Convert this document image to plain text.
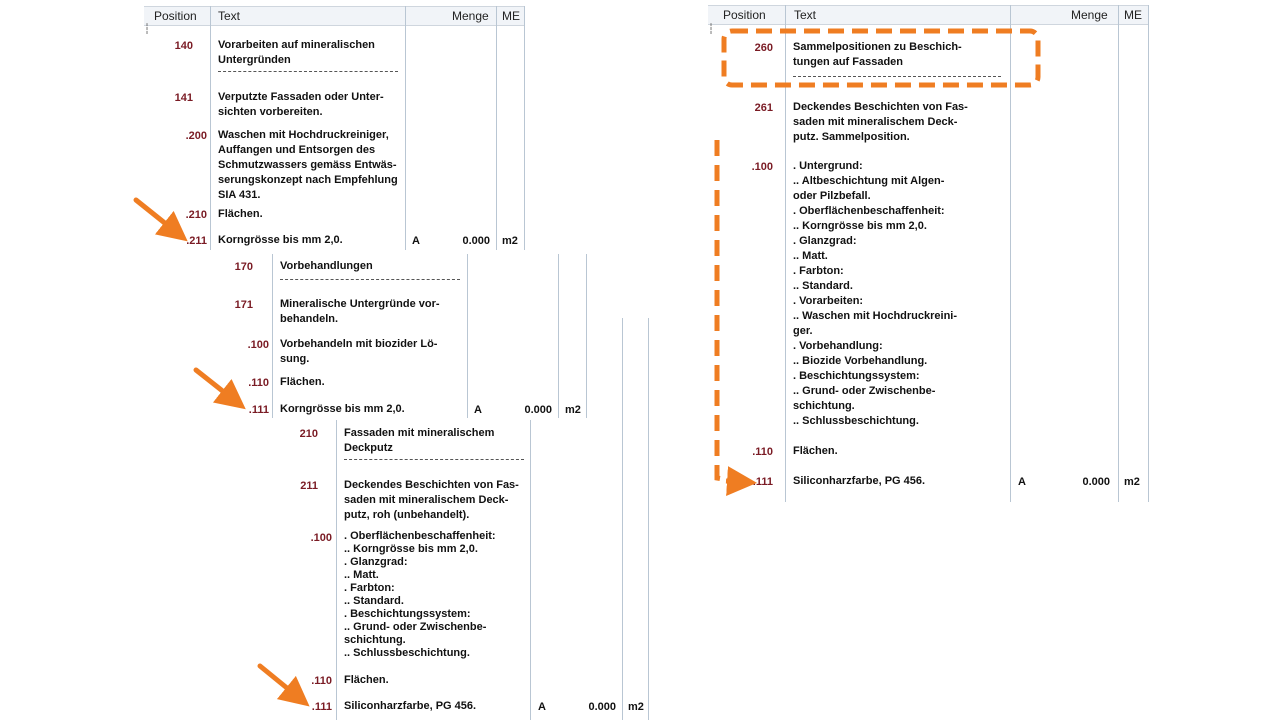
Position Text	Menge ME
┆
140 Vorarbeiten auf mineralischen
Untergründen
141 Verputzte Fassaden oder Unter-
sichten vorbereiten.
.200 Waschen mit Hochdruckreiniger,
Auffangen und Entsorgen des
Schmutzwassers gemäss Entwäs-
serungskonzept nach Empfehlung
SIA 431.
.210 Flächen.
.211 Korngrösse bis mm 2,0.	A	0.000 m2
170 Vorbehandlungen
171 Mineralische Untergründe vor-
behandeln.
.100 Vorbehandeln mit biozider Lö-
sung.
.110 Flächen.
.111 Korngrösse bis mm 2,0.	A	0.000 m2
210 Fassaden mit mineralischem
Deckputz
211 Deckendes Beschichten von Fas-
saden mit mineralischem Deck-
putz, roh (unbehandelt).
.100 . Oberflächenbeschaffenheit:
.. Korngrösse bis mm 2,0.
. Glanzgrad:
.. Matt.
. Farbton:
.. Standard.
. Beschichtungssystem:
.. Grund- oder Zwischenbe-
schichtung.
.. Schlussbeschichtung.
.110 Flächen.
.111 Siliconharzfarbe, PG 456.	A	0.000 m2
Position Text	Menge ME
┆
260 Sammelpositionen zu Beschich-
tungen auf Fassaden
261 Deckendes Beschichten von Fas-
saden mit mineralischem Deck-
putz. Sammelposition.
.100 . Untergrund:
.. Altbeschichtung mit Algen-
oder Pilzbefall.
. Oberflächenbeschaffenheit:
.. Korngrösse bis mm 2,0.
. Glanzgrad:
.. Matt.
. Farbton:
.. Standard.
. Vorarbeiten:
.. Waschen mit Hochdruckreini-
ger.
. Vorbehandlung:
.. Biozide Vorbehandlung.
. Beschichtungssystem:
.. Grund- oder Zwischenbe-
schichtung.
.. Schlussbeschichtung.
.110 Flächen.
.111 Siliconharzfarbe, PG 456.	A	0.000 m2
